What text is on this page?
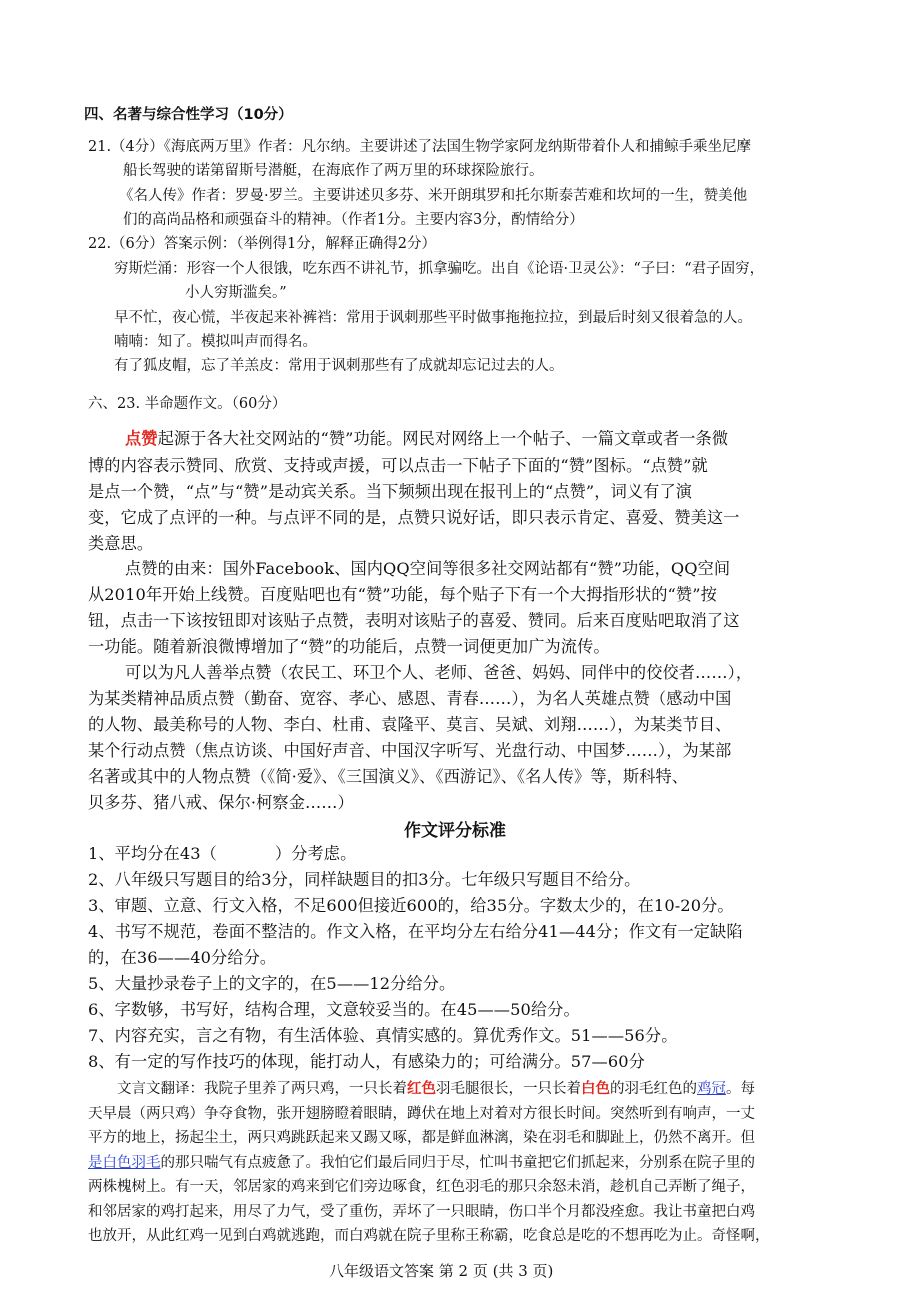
四、名著与综合性学习（10分）
21.（4分）《海底两万里》作者：凡尔纳。主要讲述了法国生物学家阿龙纳斯带着仆人和捕鲸手乘坐尼摩
船长驾驶的诺第留斯号潜艇，在海底作了两万里的环球探险旅行。
《名人传》作者：罗曼·罗兰。主要讲述贝多芬、米开朗琪罗和托尔斯泰苦难和坎坷的一生，赞美他
们的高尚品格和顽强奋斗的精神。（作者1分。主要内容3分，酌情给分）
22.（6分）答案示例：（举例得1分，解释正确得2分）
穷斯烂涌：形容一个人很饿，吃东西不讲礼节，抓拿骗吃。出自《论语·卫灵公》：“子曰：“君子固穷，
小人穷斯滥矣。”
早不忙，夜心慌，半夜起来补裤裆：常用于讽刺那些平时做事拖拖拉拉，到最后时刻又很着急的人。
喃喃：知了。模拟叫声而得名。
有了狐皮帽，忘了羊羔皮：常用于讽刺那些有了成就却忘记过去的人。
六、23. 半命题作文。（60分）
点赞起源于各大社交网站的“赞”功能。网民对网络上一个帖子、一篇文章或者一条微
博的内容表示赞同、欣赏、支持或声援，可以点击一下帖子下面的“赞”图标。“点赞”就
是点一个赞，“点”与“赞”是动宾关系。当下频频出现在报刊上的“点赞”，词义有了演
变，它成了点评的一种。与点评不同的是，点赞只说好话，即只表示肯定、喜爱、赞美这一
类意思。
点赞的由来：国外Facebook、国内QQ空间等很多社交网站都有“赞”功能，QQ空间
从2010年开始上线赞。百度贴吧也有“赞”功能，每个贴子下有一个大拇指形状的“赞”按
钮，点击一下该按钮即对该贴子点赞，表明对该贴子的喜爱、赞同。后来百度贴吧取消了这
一功能。随着新浪微博增加了“赞”的功能后，点赞一词便更加广为流传。
可以为凡人善举点赞（农民工、环卫个人、老师、爸爸、妈妈、同伴中的佼佼者……），
为某类精神品质点赞（勤奋、宽容、孝心、感恩、青春……），为名人英雄点赞（感动中国
的人物、最美称号的人物、李白、杜甫、袁隆平、莫言、吴斌、刘翔……），为某类节目、
某个行动点赞（焦点访谈、中国好声音、中国汉字听写、光盘行动、中国梦……），为某部
名著或其中的人物点赞（《简·爱》、《三国演义》、《西游记》、《名人传》等，斯科特、
贝多芬、猪八戒、保尔·柯察金……）
作文评分标准
1、平均分在43（	）分考虑。
2、八年级只写题目的给3分，同样缺题目的扣3分。七年级只写题目不给分。
3、审题、立意、行文入格，不足600但接近600的，给35分。字数太少的，在10-20分。
4、书写不规范，卷面不整洁的。作文入格，在平均分左右给分41—44分；作文有一定缺陷
的，在36——40分给分。
5、大量抄录卷子上的文字的，在5——12分给分。
6、字数够，书写好，结构合理，文意较妥当的。在45——50给分。
7、内容充实，言之有物，有生活体验、真情实感的。算优秀作文。51——56分。
8、有一定的写作技巧的体现，能打动人，有感染力的；可给满分。57—60分
文言文翻译：我院子里养了两只鸡，一只长着红色羽毛腿很长，一只长着白色的羽毛红色的鸡冠。每
天早晨（两只鸡）争夺食物，张开翅膀瞪着眼睛，蹲伏在地上对着对方很长时间。突然听到有响声，一丈
平方的地上，扬起尘土，两只鸡跳跃起来又踢又啄，都是鲜血淋漓，染在羽毛和脚趾上，仍然不离开。但
是白色羽毛的那只喘气有点疲惫了。我怕它们最后同归于尽，忙叫书童把它们抓起来，分别系在院子里的
两株槐树上。有一天，邻居家的鸡来到它们旁边啄食，红色羽毛的那只余怒未消，趁机自己弄断了绳子，
和邻居家的鸡打起来，用尽了力气，受了重伤，弄坏了一只眼睛，伤口半个月都没痊愈。我让书童把白鸡
也放开，从此红鸡一见到白鸡就逃跑，而白鸡就在院子里称王称霸，吃食总是吃的不想再吃为止。奇怪啊，
八年级语文答案 第 2 页 (共 3 页)
